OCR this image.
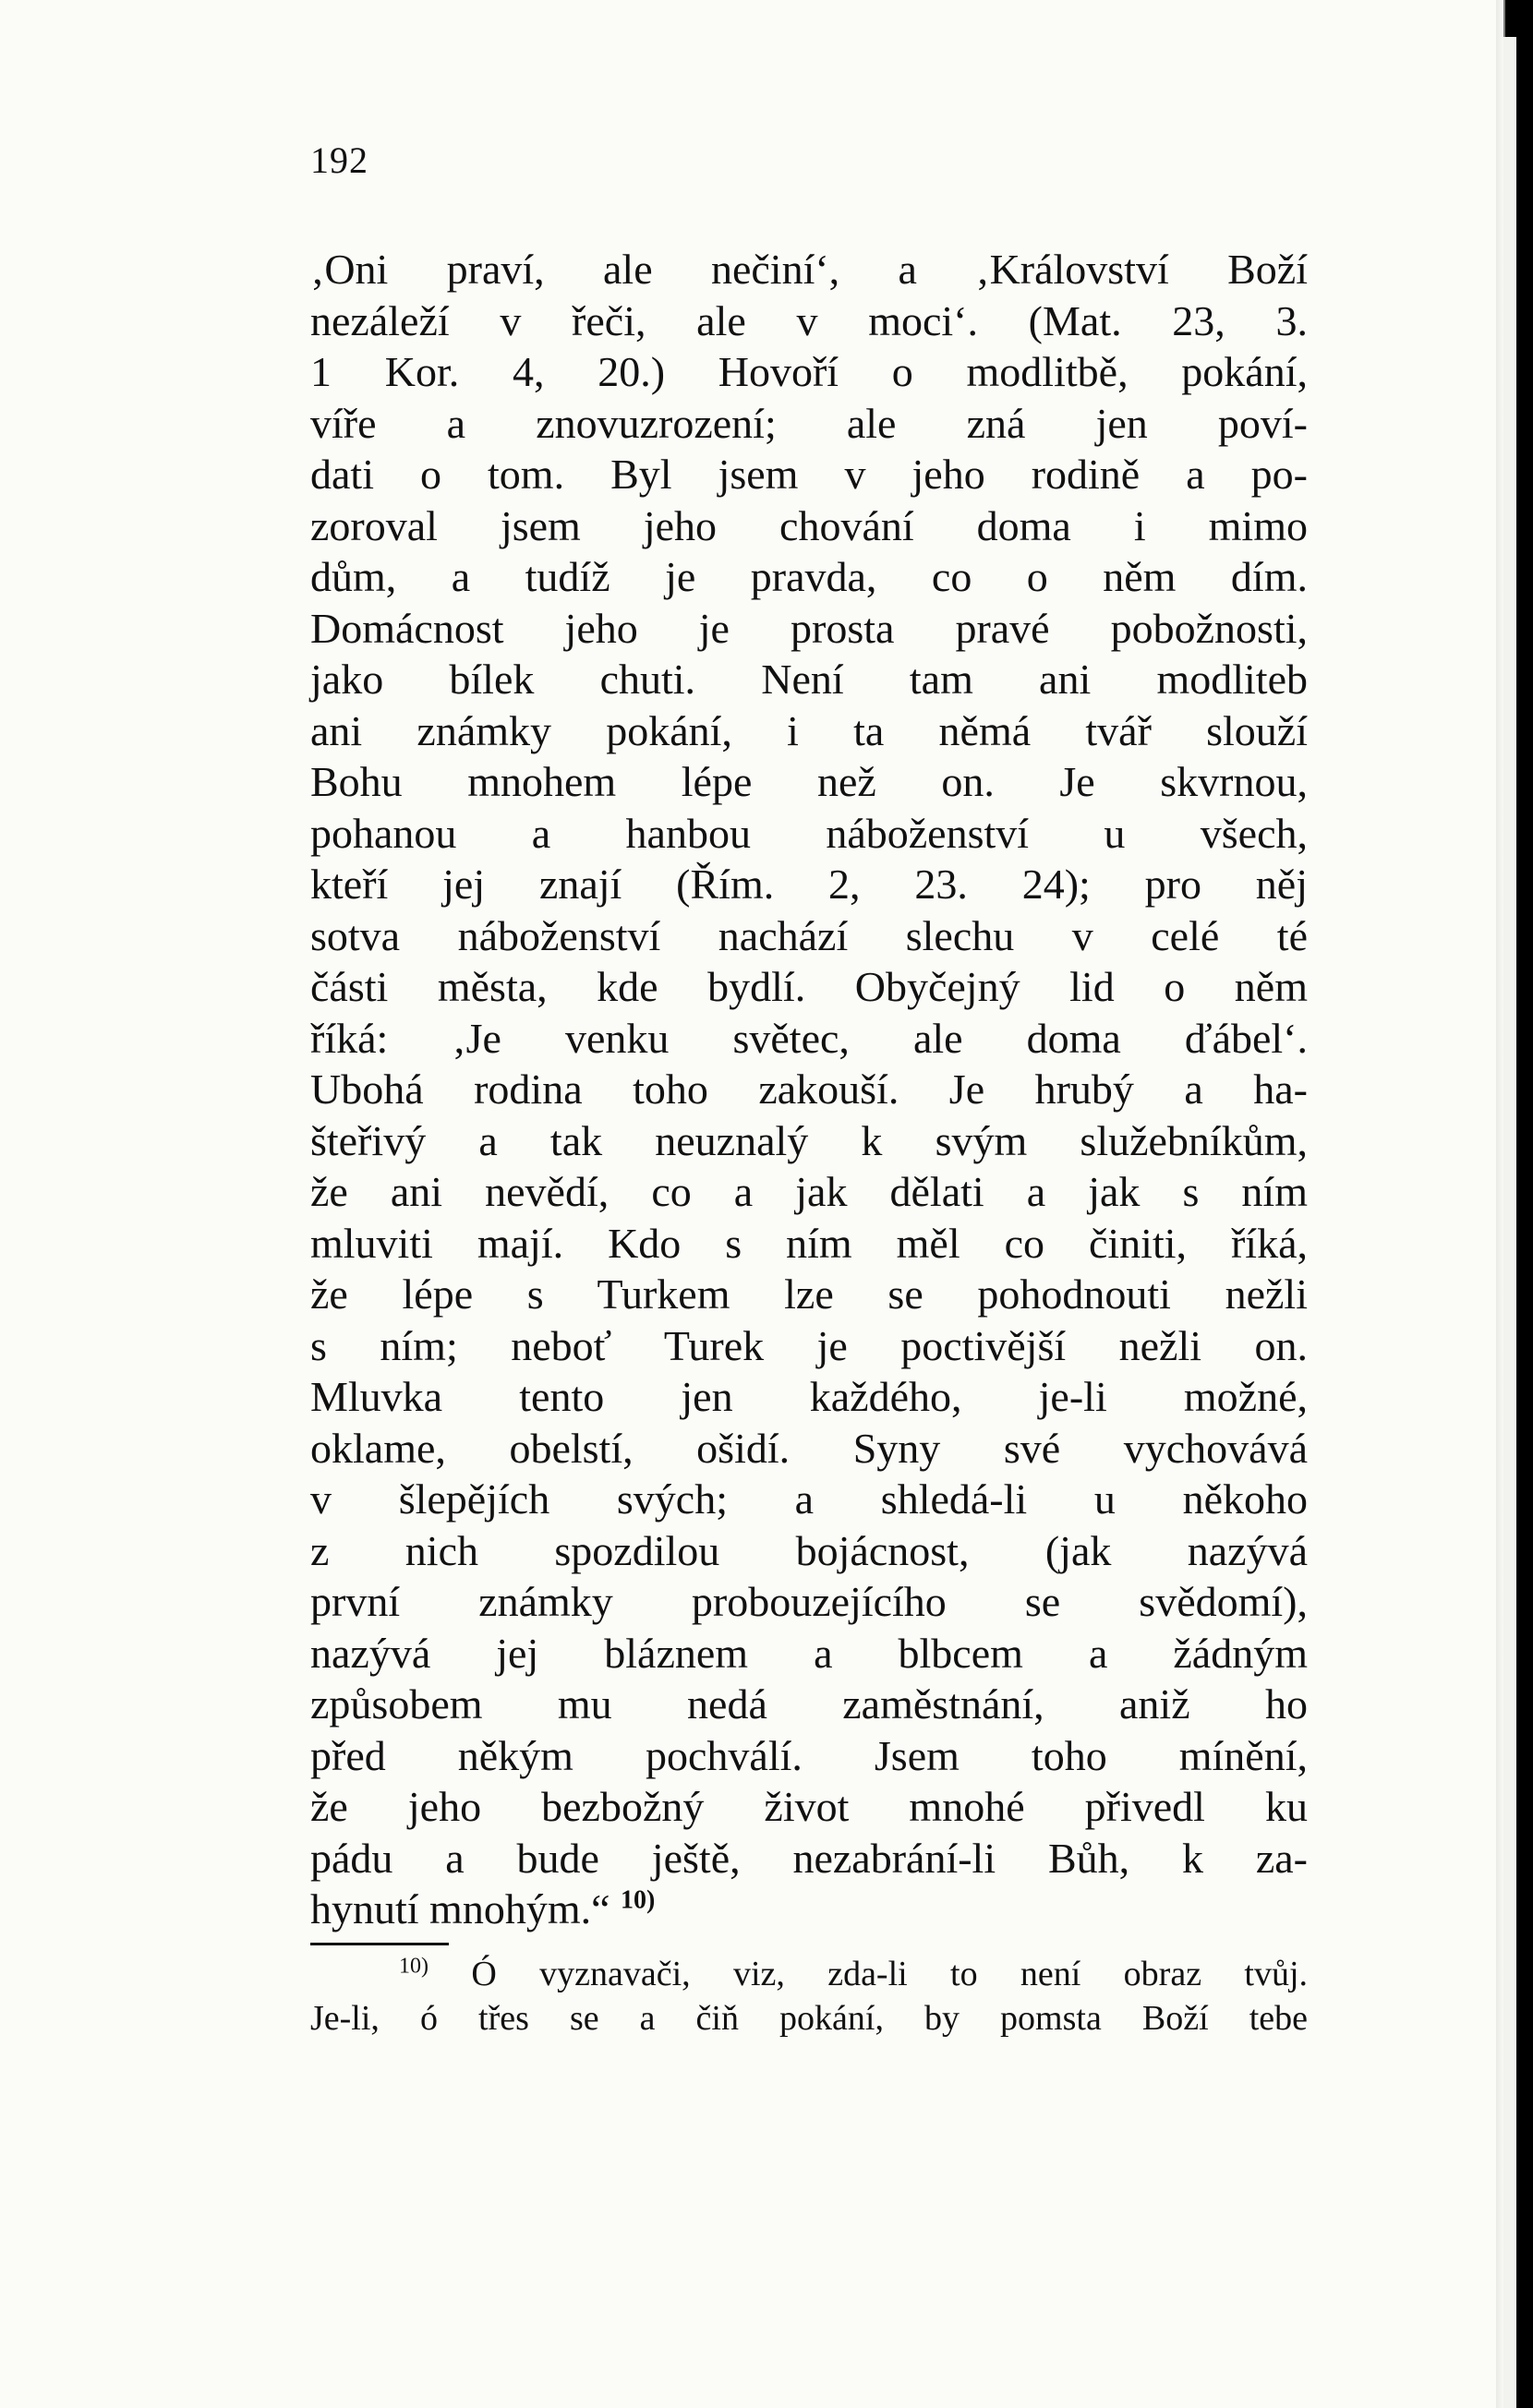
192
‚Oni praví, ale nečiní‘, a ‚Království Boží
nezáleží v řeči, ale v moci‘. (Mat. 23, 3.
1 Kor. 4, 20.) Hovoří o modlitbě, pokání,
víře a znovuzrození; ale zná jen poví-
dati o tom. Byl jsem v jeho rodině a po-
zoroval jsem jeho chování doma i mimo
dům, a tudíž je pravda, co o něm dím.
Domácnost jeho je prosta pravé pobožnosti,
jako bílek chuti. Není tam ani modliteb
ani známky pokání, i ta němá tvář slouží
Bohu mnohem lépe než on. Je skvrnou,
pohanou a hanbou náboženství u všech,
kteří jej znají (Řím. 2, 23. 24); pro něj
sotva náboženství nachází slechu v celé té
části města, kde bydlí. Obyčejný lid o něm
říká: ‚Je venku světec, ale doma ďábel‘.
Ubohá rodina toho zakouší. Je hrubý a ha-
šteřivý a tak neuznalý k svým služebníkům,
že ani nevědí, co a jak dělati a jak s ním
mluviti mají. Kdo s ním měl co činiti, říká,
že lépe s Turkem lze se pohodnouti nežli
s ním; neboť Turek je poctivější nežli on.
Mluvka tento jen každého, je-li možné,
oklame, obelstí, ošidí. Syny své vychovává
v šlepějích svých; a shledá-li u někoho
z nich spozdilou bojácnost, (jak nazývá
první známky probouzejícího se svědomí),
nazývá jej bláznem a blbcem a žádným
způsobem mu nedá zaměstnání, aniž ho
před někým pochválí. Jsem toho mínění,
že jeho bezbožný život mnohé přivedl ku
pádu a bude ještě, nezabrání-li Bůh, k za-
hynutí mnohým.“ $^{10)}$
$^{10)}$ Ó vyznavači, viz, zda-li to není obraz tvůj.
Je-li, ó třes se a čiň pokání, by pomsta Boží tebe
